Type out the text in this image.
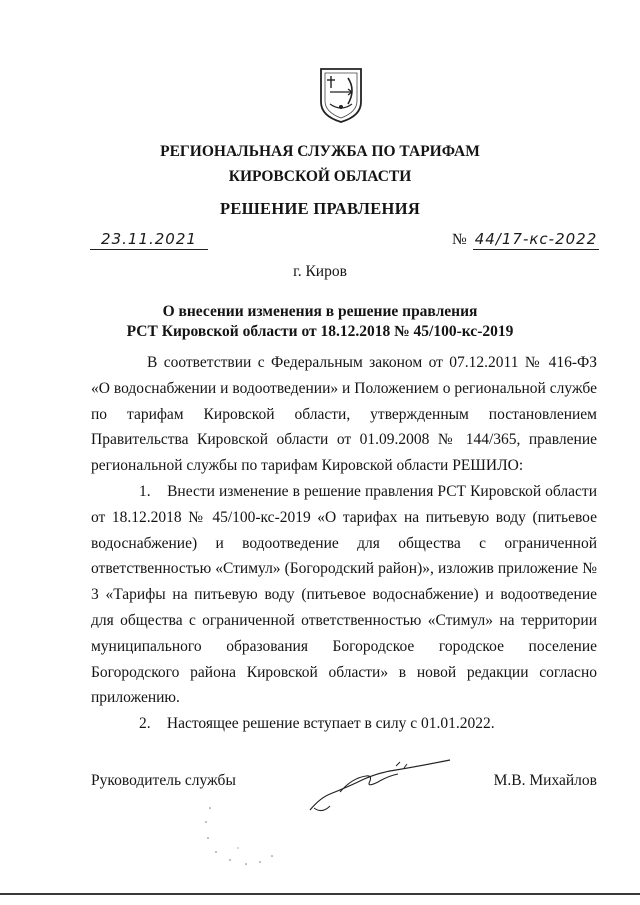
РЕГИОНАЛЬНАЯ СЛУЖБА ПО ТАРИФАМ
КИРОВСКОЙ ОБЛАСТИ
РЕШЕНИЕ ПРАВЛЕНИЯ
23.11.2021	№ 44/17-кс-2022
г. Киров
О внесении изменения в решение правления
РСТ Кировской области от 18.12.2018 № 45/100-кс-2019

В соответствии с Федеральным законом от 07.12.2011 № 416-ФЗ «О водоснабжении и водоотведении» и Положением о региональной службе по тарифам Кировской области, утвержденным постановлением Правительства Кировской области от 01.09.2008 № 144/365, правление региональной службы по тарифам Кировской области РЕШИЛО:

1. Внести изменение в решение правления РСТ Кировской области от 18.12.2018 № 45/100-кс-2019 «О тарифах на питьевую воду (питьевое водоснабжение) и водоотведение для общества с ограниченной ответственностью «Стимул» (Богородский район)», изложив приложение № 3 «Тарифы на питьевую воду (питьевое водоснабжение) и водоотведение для общества с ограниченной ответственностью «Стимул» на территории муниципального образования Богородское городское поселение Богородского района Кировской области» в новой редакции согласно приложению.

2. Настоящее решение вступает в силу с 01.01.2022.

Руководитель службы	М.В. Михайлов
